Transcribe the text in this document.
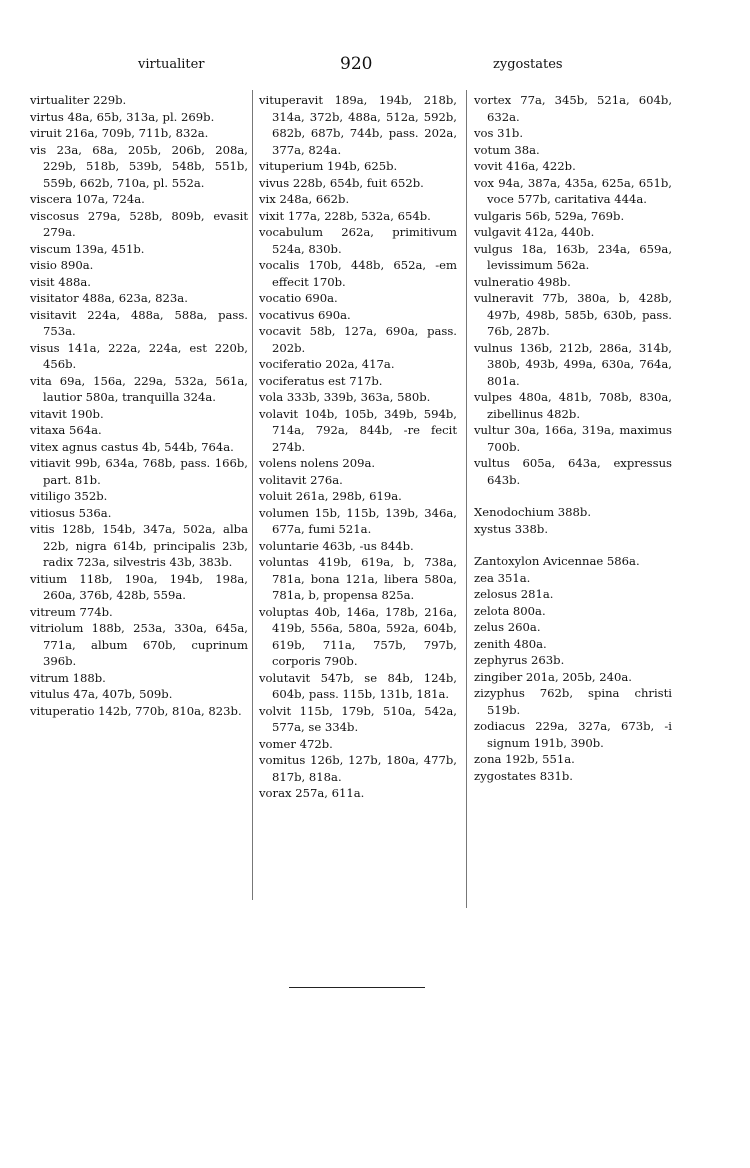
virtualiter	920	zygostates

virtualiter 229b.

virtus 48a, 65b, 313a, pl. 269b.

viruit 216a, 709b, 711b, 832a.

vis 23a, 68a, 205b, 206b, 208a, 229b, 518b, 539b, 548b, 551b, 559b, 662b, 710a, pl. 552a.

viscera 107a, 724a.

viscosus 279a, 528b, 809b, evasit 279a.

viscum 139a, 451b.

visio 890a.

visit 488a.

visitator 488a, 623a, 823a.

visitavit 224a, 488a, 588a, pass. 753a.

visus 141a, 222a, 224a, est 220b, 456b.

vita 69a, 156a, 229a, 532a, 561a, lautior 580a, tranquilla 324a.

vitavit 190b.

vitaxa 564a.

vitex agnus castus 4b, 544b, 764a.

vitiavit 99b, 634a, 768b, pass. 166b, part. 81b.

vitiligo 352b.

vitiosus 536a.

vitis 128b, 154b, 347a, 502a, alba 22b, nigra 614b, principalis 23b, radix 723a, silvestris 43b, 383b.

vitium 118b, 190a, 194b, 198a, 260a, 376b, 428b, 559a.

vitreum 774b.

vitriolum 188b, 253a, 330a, 645a, 771a, album 670b, cuprinum 396b.

vitrum 188b.

vitulus 47a, 407b, 509b.

vituperatio 142b, 770b, 810a, 823b.

vituperavit 189a, 194b, 218b, 314a, 372b, 488a, 512a, 592b, 682b, 687b, 744b, pass. 202a, 377a, 824a.

vituperium 194b, 625b.

vivus 228b, 654b, fuit 652b.

vix 248a, 662b.

vixit 177a, 228b, 532a, 654b.

vocabulum 262a, primitivum 524a, 830b.

vocalis 170b, 448b, 652a, -em effecit 170b.

vocatio 690a.

vocativus 690a.

vocavit 58b, 127a, 690a, pass. 202b.

vociferatio 202a, 417a.

vociferatus est 717b.

vola 333b, 339b, 363a, 580b.

volavit 104b, 105b, 349b, 594b, 714a, 792a, 844b, -re fecit 274b.

volens nolens 209a.

volitavit 276a.

voluit 261a, 298b, 619a.

volumen 15b, 115b, 139b, 346a, 677a, fumi 521a.

voluntarie 463b, -us 844b.

voluntas 419b, 619a, b, 738a, 781a, bona 121a, libera 580a, 781a, b, propensa 825a.

voluptas 40b, 146a, 178b, 216a, 419b, 556a, 580a, 592a, 604b, 619b, 711a, 757b, 797b, corporis 790b.

volutavit 547b, se 84b, 124b, 604b, pass. 115b, 131b, 181a.

volvit 115b, 179b, 510a, 542a, 577a, se 334b.

vomer 472b.

vomitus 126b, 127b, 180a, 477b, 817b, 818a.

vorax 257a, 611a.

vortex 77a, 345b, 521a, 604b, 632a.

vos 31b.

votum 38a.

vovit 416a, 422b.

vox 94a, 387a, 435a, 625a, 651b, voce 577b, caritativa 444a.

vulgaris 56b, 529a, 769b.

vulgavit 412a, 440b.

vulgus 18a, 163b, 234a, 659a, levissimum 562a.

vulneratio 498b.

vulneravit 77b, 380a, b, 428b, 497b, 498b, 585b, 630b, pass. 76b, 287b.

vulnus 136b, 212b, 286a, 314b, 380b, 493b, 499a, 630a, 764a, 801a.

vulpes 480a, 481b, 708b, 830a, zibellinus 482b.

vultur 30a, 166a, 319a, maximus 700b.

vultus 605a, 643a, expressus 643b.

Xenodochium 388b.

xystus 338b.

Zantoxylon Avicennae 586a.

zea 351a.

zelosus 281a.

zelota 800a.

zelus 260a.

zenith 480a.

zephyrus 263b.

zingiber 201a, 205b, 240a.

zizyphus 762b, spina christi 519b.

zodiacus 229a, 327a, 673b, -i signum 191b, 390b.

zona 192b, 551a.

zygostates 831b.
